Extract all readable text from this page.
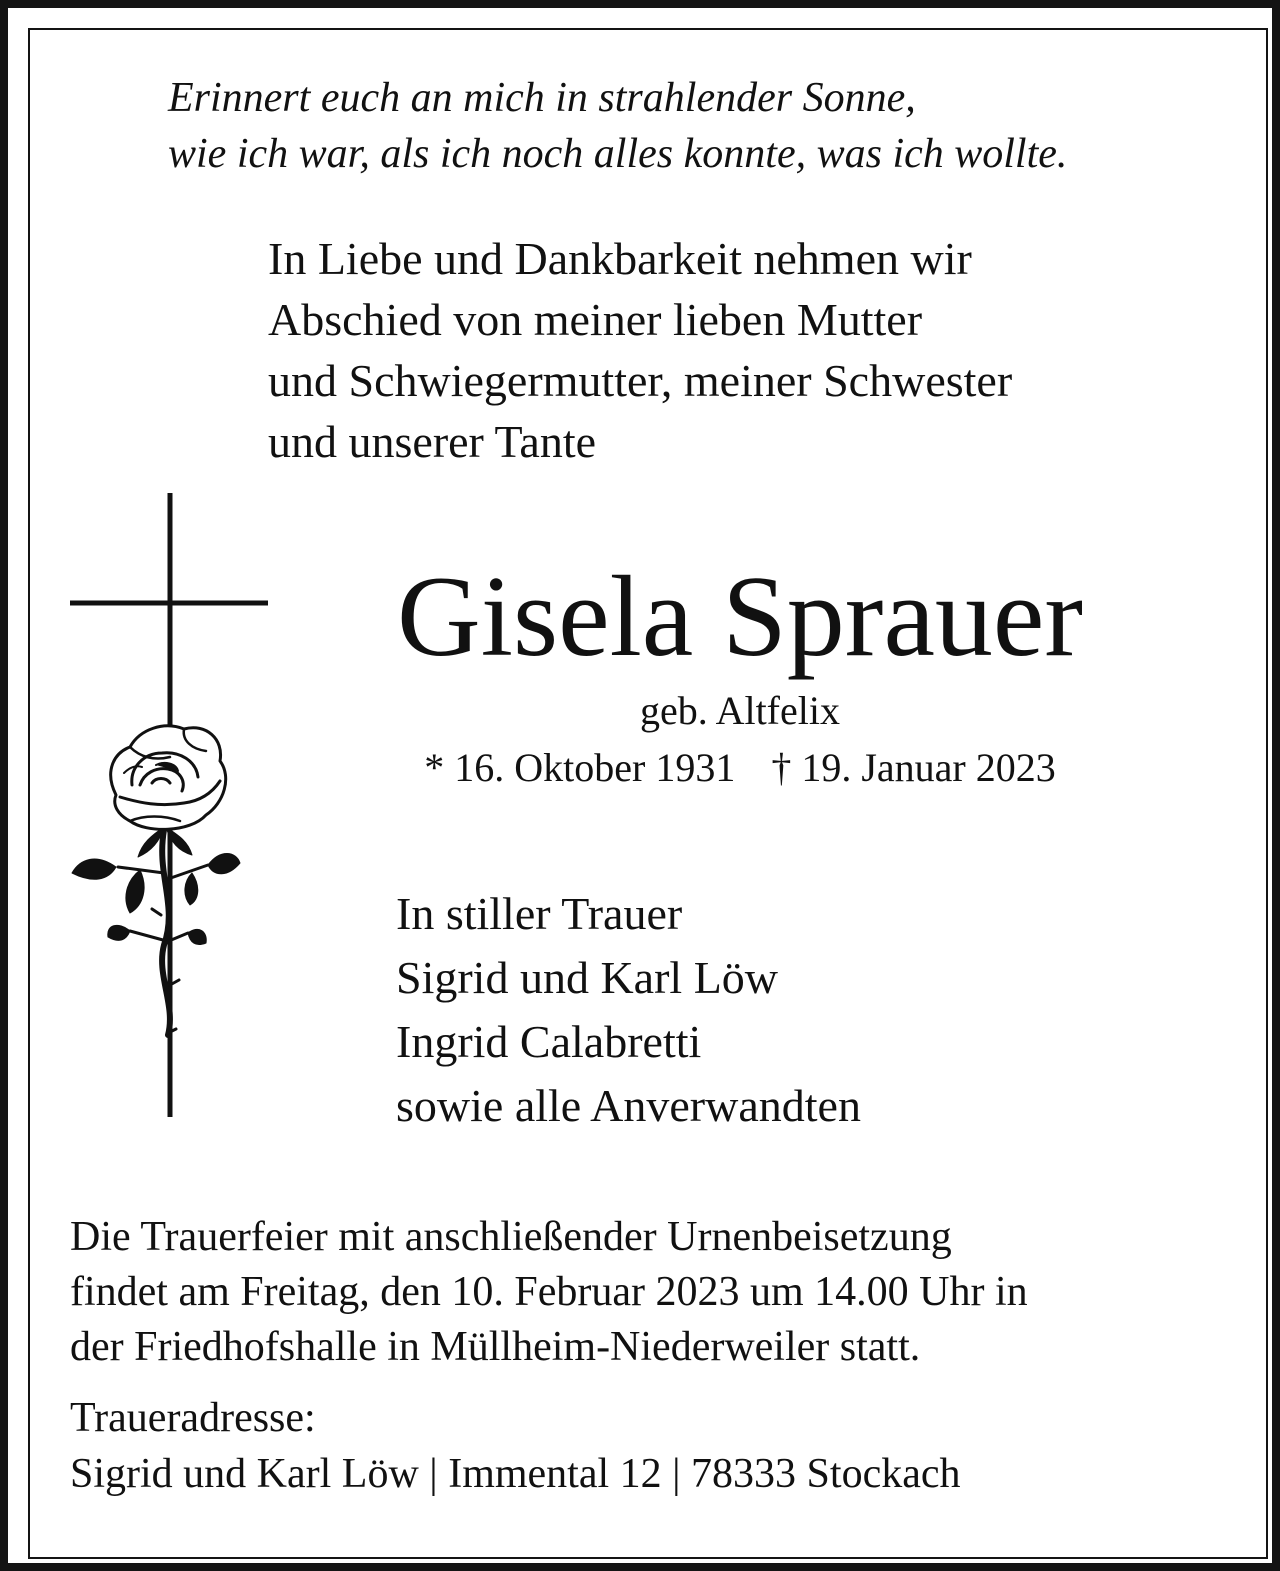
Erinnert euch an mich in strahlender Sonne,
wie ich war, als ich noch alles konnte, was ich wollte.
In Liebe und Dankbarkeit nehmen wir
Abschied von meiner lieben Mutter
und Schwiegermutter, meiner Schwester
und unserer Tante
Gisela Sprauer
geb. Altfelix
* 16. Oktober 1931 † 19. Januar 2023
In stiller Trauer
Sigrid und Karl Löw
Ingrid Calabretti
sowie alle Anverwandten
Die Trauerfeier mit anschließender Urnenbeisetzung
findet am Freitag, den 10. Februar 2023 um 14.00 Uhr in
der Friedhofshalle in Müllheim-Niederweiler statt.
Traueradresse:
Sigrid und Karl Löw | Immental 12 | 78333 Stockach
